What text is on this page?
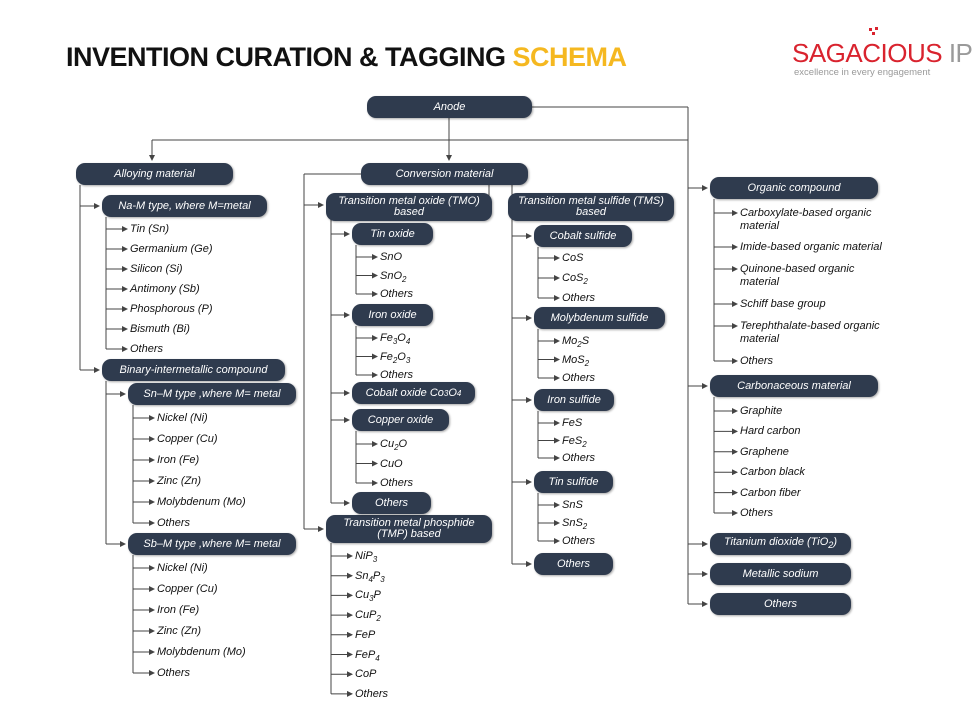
INVENTION CURATION & TAGGING SCHEMA	SAGACIOUS IP
excellence in every engagement
Anode
Alloying material	Conversion material
Organic compound
Carbonaceous material
Titanium dioxide (TiO$_2$)
Metallic sodium
Others
Na-M type, where M=metal
Binary-intermetallic compound
Sn–M type ,where M= metal
Sb–M type ,where M= metal
Transition metal oxide (TMO) based
Transition metal sulfide (TMS) based
Transition metal phosphide (TMP) based
Tin oxide
Iron oxide
Cobalt oxide Co 3 O 4
Copper oxide
Others
Cobalt sulfide
Molybdenum sulfide
Iron sulfide
Tin sulfide
Others
Tin (Sn)
Germanium (Ge)
Silicon (Si)
Antimony (Sb)
Phosphorous (P)
Bismuth (Bi)
Others
Nickel (Ni)
Copper (Cu)
Iron (Fe)
Zinc (Zn)
Molybdenum (Mo)
Others
Nickel (Ni)
Copper (Cu)
Iron (Fe)
Zinc (Zn)
Molybdenum (Mo)
Others
SnO
SnO$_2$
Others
$Fe_3O_4$
$Fe_2O_3$
Others
$Cu_2O$
CuO
Others
CoS
CoS$_2$
Others
$Mo_2S$
MoS$_2$
Others
FeS
FeS$_2$
Others
SnS
SnS$_2$
Others
NiP$_3$
$Sn_4P_3$
$Cu_3P$
CuP$_2$
FeP
FeP$_4$
CoP
Others
Graphite
Hard carbon
Graphene
Carbon black
Carbon fiber
Others
Carboxylate-based organic material
Imide-based organic material
Quinone-based organic material
Schiff base group
Terephthalate-based organic material
Others
